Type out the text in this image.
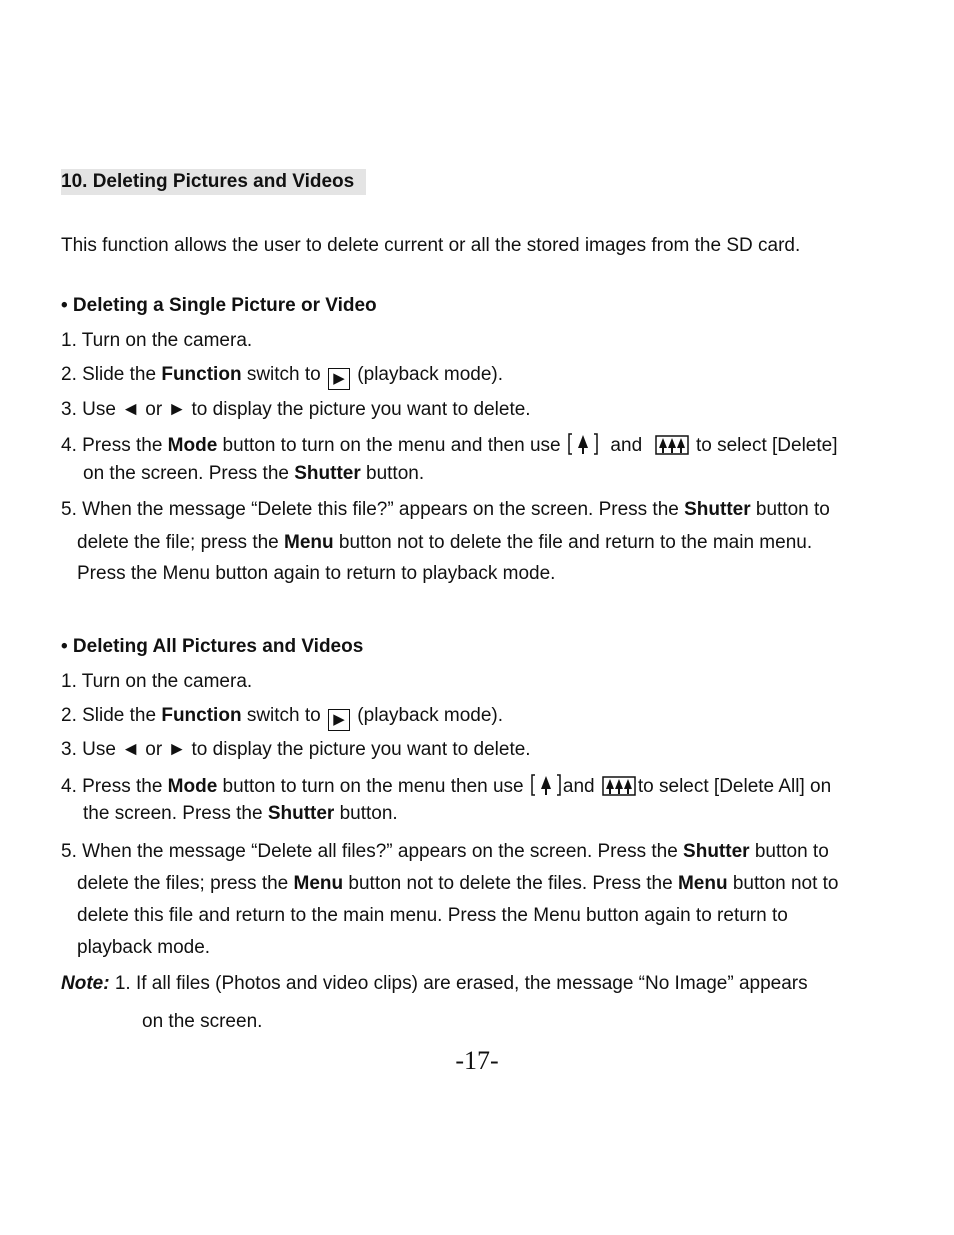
10. Deleting Pictures and Videos
This function allows the user to delete current or all the stored images from the SD card.
• Deleting a Single Picture or Video
1. Turn on the camera.
2. Slide the Function switch to ▶ (playback mode).
3. Use ◄ or ► to display the picture you want to delete.
4. Press the Mode button to turn on the menu and then use   and   to select [Delete]
on the screen. Press the Shutter button.
5. When the message “Delete this file?” appears on the screen. Press the Shutter button to
delete the file; press the Menu button not to delete the file and return to the main menu.
Press the Menu button again to return to playback mode.
• Deleting All Pictures and Videos
1. Turn on the camera.
2. Slide the Function switch to ▶ (playback mode).
3. Use ◄ or ► to display the picture you want to delete.
4. Press the Mode button to turn on the menu then use and to select [Delete All] on
the screen. Press the Shutter button.
5. When the message “Delete all files?” appears on the screen. Press the Shutter button to
delete the files; press the Menu button not to delete the files. Press the Menu button not to
delete this file and return to the main menu. Press the Menu button again to return to
playback mode.
Note: 1. If all files (Photos and video clips) are erased, the message “No Image” appears
on the screen.
-17-
